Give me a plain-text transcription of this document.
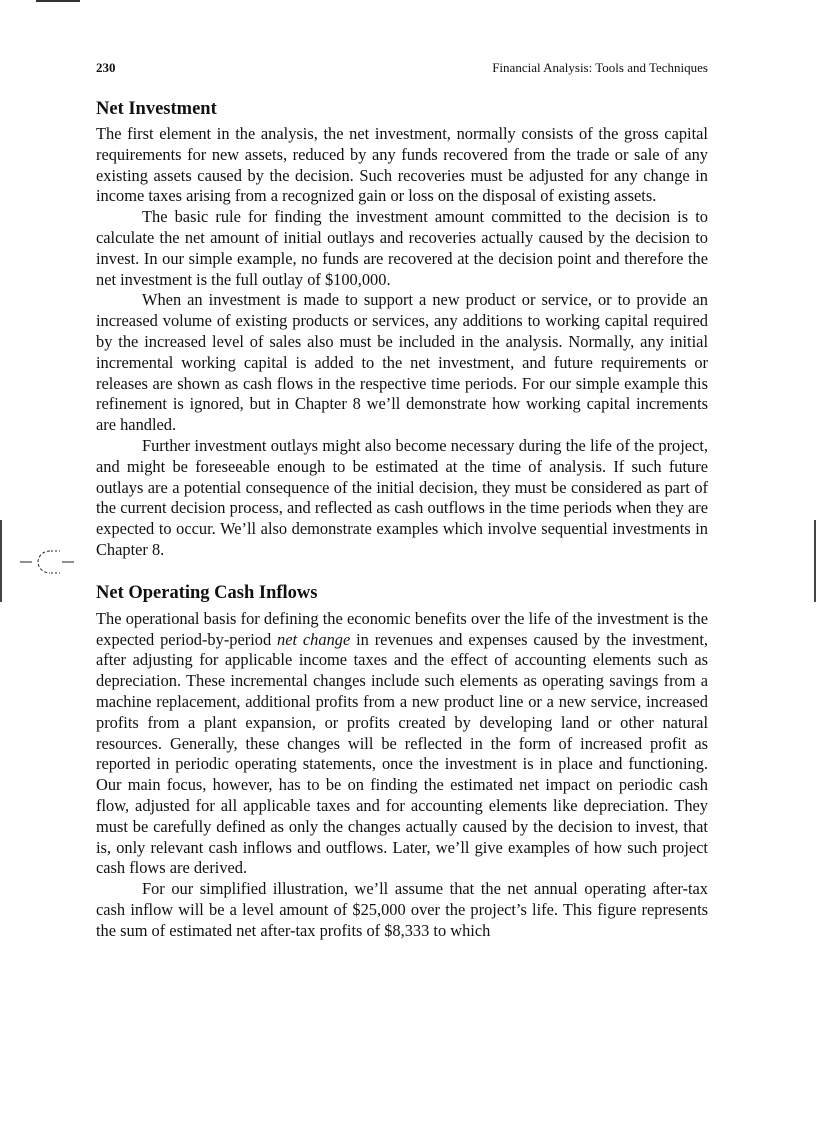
230	Financial Analysis: Tools and Techniques
Net Investment

The first element in the analysis, the net investment, normally consists of the gross capital requirements for new assets, reduced by any funds recovered from the trade or sale of any existing assets caused by the decision. Such recoveries must be adjusted for any change in income taxes arising from a recognized gain or loss on the disposal of existing assets.

The basic rule for finding the investment amount committed to the decision is to calculate the net amount of initial outlays and recoveries actually caused by the decision to invest. In our simple example, no funds are recovered at the decision point and therefore the net investment is the full outlay of $100,000.

When an investment is made to support a new product or service, or to provide an increased volume of existing products or services, any additions to working capital required by the increased level of sales also must be included in the analysis. Normally, any initial incremental working capital is added to the net investment, and future requirements or releases are shown as cash flows in the respective time periods. For our simple example this refinement is ignored, but in Chapter 8 we’ll demonstrate how working capital increments are handled.

Further investment outlays might also become necessary during the life of the project, and might be foreseeable enough to be estimated at the time of analysis. If such future outlays are a potential consequence of the initial decision, they must be considered as part of the current decision process, and reflected as cash outflows in the time periods when they are expected to occur. We’ll also demonstrate examples which involve sequential investments in Chapter 8.

Net Operating Cash Inflows

The operational basis for defining the economic benefits over the life of the investment is the expected period-by-period net change in revenues and expenses caused by the investment, after adjusting for applicable income taxes and the effect of accounting elements such as depreciation. These incremental changes include such elements as operating savings from a machine replacement, additional profits from a new product line or a new service, increased profits from a plant expansion, or profits created by developing land or other natural resources. Generally, these changes will be reflected in the form of increased profit as reported in periodic operating statements, once the investment is in place and functioning. Our main focus, however, has to be on finding the estimated net impact on periodic cash flow, adjusted for all applicable taxes and for accounting elements like depreciation. They must be carefully defined as only the changes actually caused by the decision to invest, that is, only relevant cash inflows and outflows. Later, we’ll give examples of how such project cash flows are derived.

For our simplified illustration, we’ll assume that the net annual operating after-tax cash inflow will be a level amount of $25,000 over the project’s life. This figure represents the sum of estimated net after-tax profits of $8,333 to which
